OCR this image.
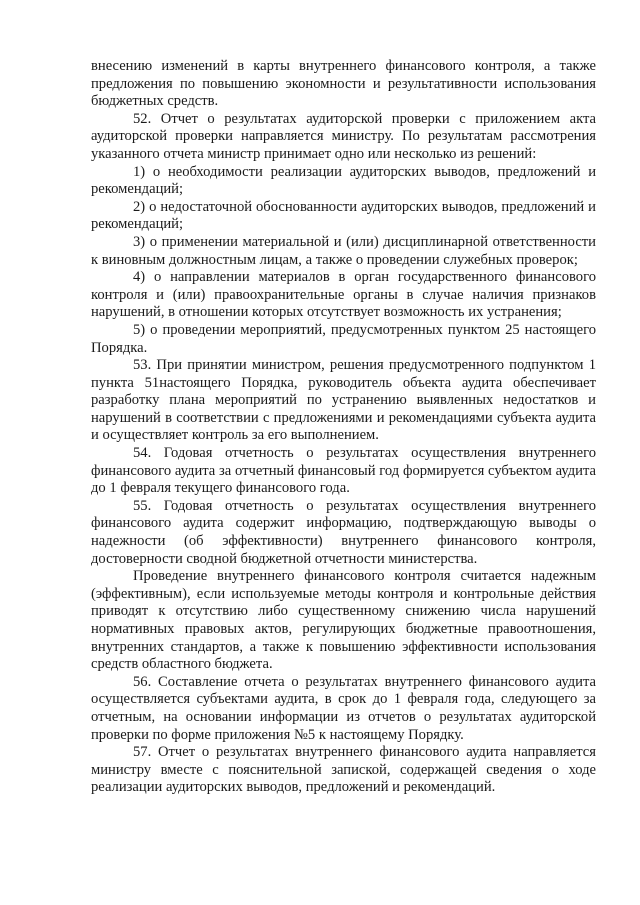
внесению изменений в карты внутреннего финансового контроля, а также предложения по повышению экономности и результативности использования бюджетных средств.

52. Отчет о результатах аудиторской проверки с приложением акта аудиторской проверки направляется министру. По результатам рассмотрения указанного отчета министр принимает одно или несколько из решений:

1) о необходимости реализации аудиторских выводов, предложений и рекомендаций;

2) о недостаточной обоснованности аудиторских выводов, предложений и рекомендаций;

3) о применении материальной и (или) дисциплинарной ответственности к виновным должностным лицам, а также о проведении служебных проверок;

4) о направлении материалов в орган государственного финансового контроля и (или) правоохранительные органы в случае наличия признаков нарушений, в отношении которых отсутствует возможность их устранения;

5) о проведении мероприятий, предусмотренных пунктом 25 настоящего Порядка.

53. При принятии министром, решения предусмотренного подпунктом 1 пункта 51настоящего Порядка, руководитель объекта аудита обеспечивает разработку плана мероприятий по устранению выявленных недостатков и нарушений в соответствии с предложениями и рекомендациями субъекта аудита и осуществляет контроль за его выполнением.

54. Годовая отчетность о результатах осуществления внутреннего финансового аудита за отчетный финансовый год формируется субъектом аудита до 1 февраля текущего финансового года.

55. Годовая отчетность о результатах осуществления внутреннего финансового аудита содержит информацию, подтверждающую выводы о надежности (об эффективности) внутреннего финансового контроля, достоверности сводной бюджетной отчетности министерства.

Проведение внутреннего финансового контроля считается надежным (эффективным), если используемые методы контроля и контрольные действия приводят к отсутствию либо существенному снижению числа нарушений нормативных правовых актов, регулирующих бюджетные правоотношения, внутренних стандартов, а также к повышению эффективности использования средств областного бюджета.

56. Составление отчета о результатах внутреннего финансового аудита осуществляется субъектами аудита, в срок до 1 февраля года, следующего за отчетным, на основании информации из отчетов о результатах аудиторской проверки по форме приложения №5 к настоящему Порядку.

57. Отчет о результатах внутреннего финансового аудита направляется министру вместе с пояснительной запиской, содержащей сведения о ходе реализации аудиторских выводов, предложений и рекомендаций.
